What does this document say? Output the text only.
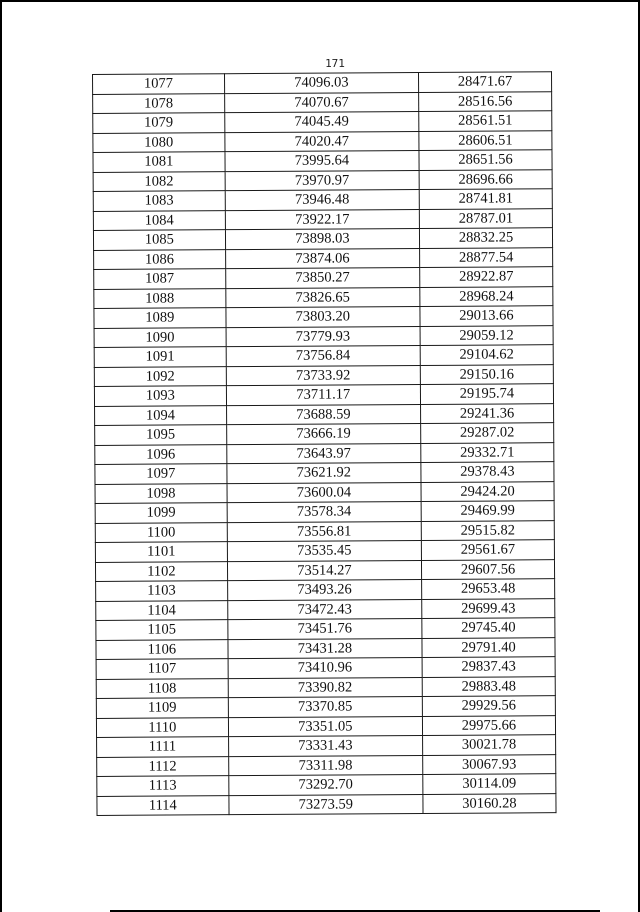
171
1077	74096.03	28471.67
1078	74070.67	28516.56
1079	74045.49	28561.51
1080	74020.47	28606.51
1081	73995.64	28651.56
1082	73970.97	28696.66
1083	73946.48	28741.81
1084	73922.17	28787.01
1085	73898.03	28832.25
1086	73874.06	28877.54
1087	73850.27	28922.87
1088	73826.65	28968.24
1089	73803.20	29013.66
1090	73779.93	29059.12
1091	73756.84	29104.62
1092	73733.92	29150.16
1093	73711.17	29195.74
1094	73688.59	29241.36
1095	73666.19	29287.02
1096	73643.97	29332.71
1097	73621.92	29378.43
1098	73600.04	29424.20
1099	73578.34	29469.99
1100	73556.81	29515.82
1101	73535.45	29561.67
1102	73514.27	29607.56
1103	73493.26	29653.48
1104	73472.43	29699.43
1105	73451.76	29745.40
1106	73431.28	29791.40
1107	73410.96	29837.43
1108	73390.82	29883.48
1109	73370.85	29929.56
1110	73351.05	29975.66
1111	73331.43	30021.78
1112	73311.98	30067.93
1113	73292.70	30114.09
1114	73273.59	30160.28
